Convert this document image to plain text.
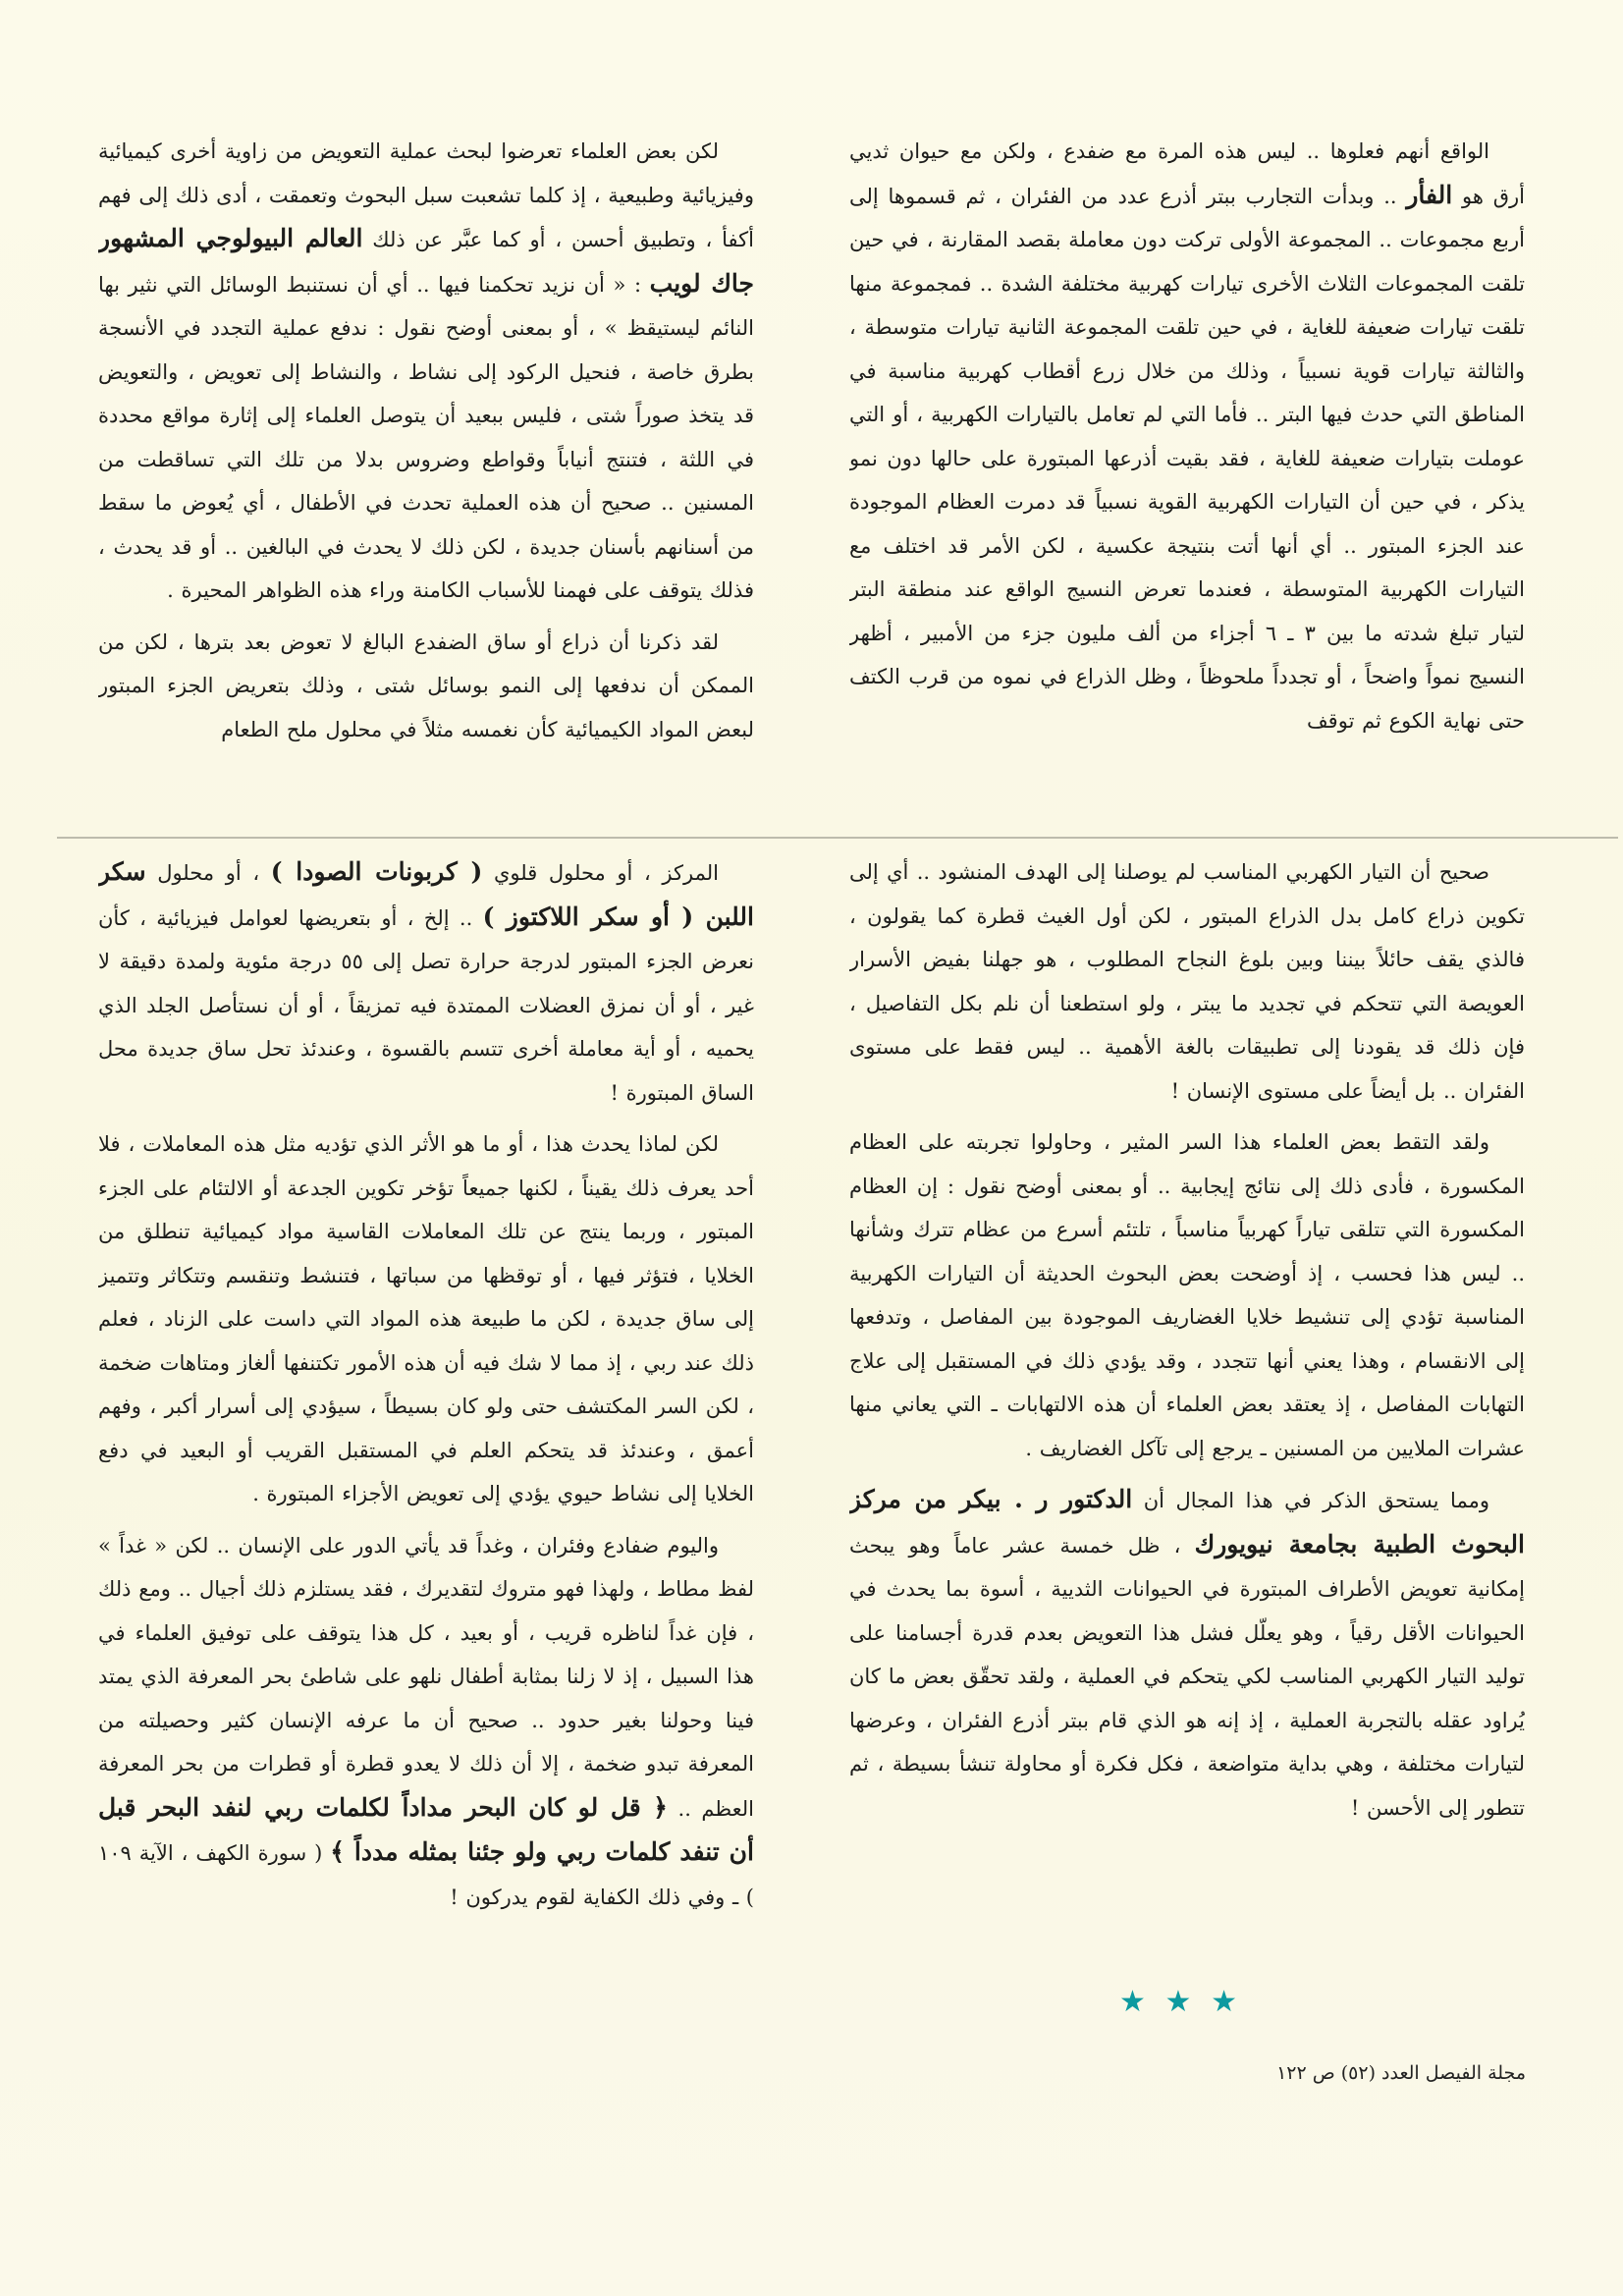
الواقع أنهم فعلوها .. ليس هذه المرة مع ضفدع ، ولكن مع حيوان ثديي أرق هو الفأر .. وبدأت التجارب ببتر أذرع عدد من الفئران ، ثم قسموها إلى أربع مجموعات .. المجموعة الأولى تركت دون معاملة بقصد المقارنة ، في حين تلقت المجموعات الثلاث الأخرى تيارات كهربية مختلفة الشدة .. فمجموعة منها تلقت تيارات ضعيفة للغاية ، في حين تلقت المجموعة الثانية تيارات متوسطة ، والثالثة تيارات قوية نسبياً ، وذلك من خلال زرع أقطاب كهربية مناسبة في المناطق التي حدث فيها البتر .. فأما التي لم تعامل بالتيارات الكهربية ، أو التي عوملت بتيارات ضعيفة للغاية ، فقد بقيت أذرعها المبتورة على حالها دون نمو يذكر ، في حين أن التيارات الكهربية القوية نسبياً قد دمرت العظام الموجودة عند الجزء المبتور .. أي أنها أتت بنتيجة عكسية ، لكن الأمر قد اختلف مع التيارات الكهربية المتوسطة ، فعندما تعرض النسيج الواقع عند منطقة البتر لتيار تبلغ شدته ما بين ٣ ـ ٦ أجزاء من ألف مليون جزء من الأمبير ، أظهر النسيج نمواً واضحاً ، أو تجدداً ملحوظاً ، وظل الذراع في نموه من قرب الكتف حتى نهاية الكوع ثم توقف

لكن بعض العلماء تعرضوا لبحث عملية التعويض من زاوية أخرى كيميائية وفيزيائية وطبيعية ، إذ كلما تشعبت سبل البحوث وتعمقت ، أدى ذلك إلى فهم أكفأ ، وتطبيق أحسن ، أو كما عبَّر عن ذلك العالم البيولوجي المشهور جاك لويب : « أن نزيد تحكمنا فيها .. أي أن نستنبط الوسائل التي نثير بها النائم ليستيقظ » ، أو بمعنى أوضح نقول : ندفع عملية التجدد في الأنسجة بطرق خاصة ، فنحيل الركود إلى نشاط ، والنشاط إلى تعويض ، والتعويض قد يتخذ صوراً شتى ، فليس ببعيد أن يتوصل العلماء إلى إثارة مواقع محددة في اللثة ، فتنتج أنياباً وقواطع وضروس بدلا من تلك التي تساقطت من المسنين .. صحيح أن هذه العملية تحدث في الأطفال ، أي يُعوض ما سقط من أسنانهم بأسنان جديدة ، لكن ذلك لا يحدث في البالغين .. أو قد يحدث ، فذلك يتوقف على فهمنا للأسباب الكامنة وراء هذه الظواهر المحيرة .

لقد ذكرنا أن ذراع أو ساق الضفدع البالغ لا تعوض بعد بترها ، لكن من الممكن أن ندفعها إلى النمو بوسائل شتى ، وذلك بتعريض الجزء المبتور لبعض المواد الكيميائية كأن نغمسه مثلاً في محلول ملح الطعام

صحيح أن التيار الكهربي المناسب لم يوصلنا إلى الهدف المنشود .. أي إلى تكوين ذراع كامل بدل الذراع المبتور ، لكن أول الغيث قطرة كما يقولون ، فالذي يقف حائلاً بيننا وبين بلوغ النجاح المطلوب ، هو جهلنا بفيض الأسرار العويصة التي تتحكم في تجديد ما يبتر ، ولو استطعنا أن نلم بكل التفاصيل ، فإن ذلك قد يقودنا إلى تطبيقات بالغة الأهمية .. ليس فقط على مستوى الفئران .. بل أيضاً على مستوى الإنسان !

ولقد التقط بعض العلماء هذا السر المثير ، وحاولوا تجربته على العظام المكسورة ، فأدى ذلك إلى نتائج إيجابية .. أو بمعنى أوضح نقول : إن العظام المكسورة التي تتلقى تياراً كهربياً مناسباً ، تلتئم أسرع من عظام تترك وشأنها .. ليس هذا فحسب ، إذ أوضحت بعض البحوث الحديثة أن التيارات الكهربية المناسبة تؤدي إلى تنشيط خلايا الغضاريف الموجودة بين المفاصل ، وتدفعها إلى الانقسام ، وهذا يعني أنها تتجدد ، وقد يؤدي ذلك في المستقبل إلى علاج التهابات المفاصل ، إذ يعتقد بعض العلماء أن هذه الالتهابات ـ التي يعاني منها عشرات الملايين من المسنين ـ يرجع إلى تآكل الغضاريف .

ومما يستحق الذكر في هذا المجال أن الدكتور ر . بيكر من مركز البحوث الطبية بجامعة نيويورك ، ظل خمسة عشر عاماً وهو يبحث إمكانية تعويض الأطراف المبتورة في الحيوانات الثديية ، أسوة بما يحدث في الحيوانات الأقل رقياً ، وهو يعلّل فشل هذا التعويض بعدم قدرة أجسامنا على توليد التيار الكهربي المناسب لكي يتحكم في العملية ، ولقد تحقّق بعض ما كان يُراود عقله بالتجربة العملية ، إذ إنه هو الذي قام ببتر أذرع الفئران ، وعرضها لتيارات مختلفة ، وهي بداية متواضعة ، فكل فكرة أو محاولة تنشأ بسيطة ، ثم تتطور إلى الأحسن !

المركز ، أو محلول قلوي ( كربونات الصودا ) ، أو محلول سكر اللبن ( أو سكر اللاكتوز ) .. إلخ ، أو بتعريضها لعوامل فيزيائية ، كأن نعرض الجزء المبتور لدرجة حرارة تصل إلى ٥٥ درجة مئوية ولمدة دقيقة لا غير ، أو أن نمزق العضلات الممتدة فيه تمزيقاً ، أو أن نستأصل الجلد الذي يحميه ، أو أية معاملة أخرى تتسم بالقسوة ، وعندئذ تحل ساق جديدة محل الساق المبتورة !

لكن لماذا يحدث هذا ، أو ما هو الأثر الذي تؤديه مثل هذه المعاملات ، فلا أحد يعرف ذلك يقيناً ، لكنها جميعاً تؤخر تكوين الجدعة أو الالتئام على الجزء المبتور ، وربما ينتج عن تلك المعاملات القاسية مواد كيميائية تنطلق من الخلايا ، فتؤثر فيها ، أو توقظها من سباتها ، فتنشط وتنقسم وتتكاثر وتتميز إلى ساق جديدة ، لكن ما طبيعة هذه المواد التي داست على الزناد ، فعلم ذلك عند ربي ، إذ مما لا شك فيه أن هذه الأمور تكتنفها ألغاز ومتاهات ضخمة ، لكن السر المكتشف حتى ولو كان بسيطاً ، سيؤدي إلى أسرار أكبر ، وفهم أعمق ، وعندئذ قد يتحكم العلم في المستقبل القريب أو البعيد في دفع الخلايا إلى نشاط حيوي يؤدي إلى تعويض الأجزاء المبتورة .

واليوم ضفادع وفئران ، وغداً قد يأتي الدور على الإنسان .. لكن « غداً » لفظ مطاط ، ولهذا فهو متروك لتقديرك ، فقد يستلزم ذلك أجيال .. ومع ذلك ، فإن غداً لناظره قريب ، أو بعيد ، كل هذا يتوقف على توفيق العلماء في هذا السبيل ، إذ لا زلنا بمثابة أطفال نلهو على شاطئ بحر المعرفة الذي يمتد فينا وحولنا بغير حدود .. صحيح أن ما عرفه الإنسان كثير وحصيلته من المعرفة تبدو ضخمة ، إلا أن ذلك لا يعدو قطرة أو قطرات من بحر المعرفة العظم .. ﴿ قل لو كان البحر مداداً لكلمات ربي لنفد البحر قبل أن تنفد كلمات ربي ولو جئنا بمثله مدداً ﴾ ( سورة الكهف ، الآية ١٠٩ ) ـ وفي ذلك الكفاية لقوم يدركون !

★ ★ ★
مجلة الفيصل العدد (٥٢) ص ١٢٢
